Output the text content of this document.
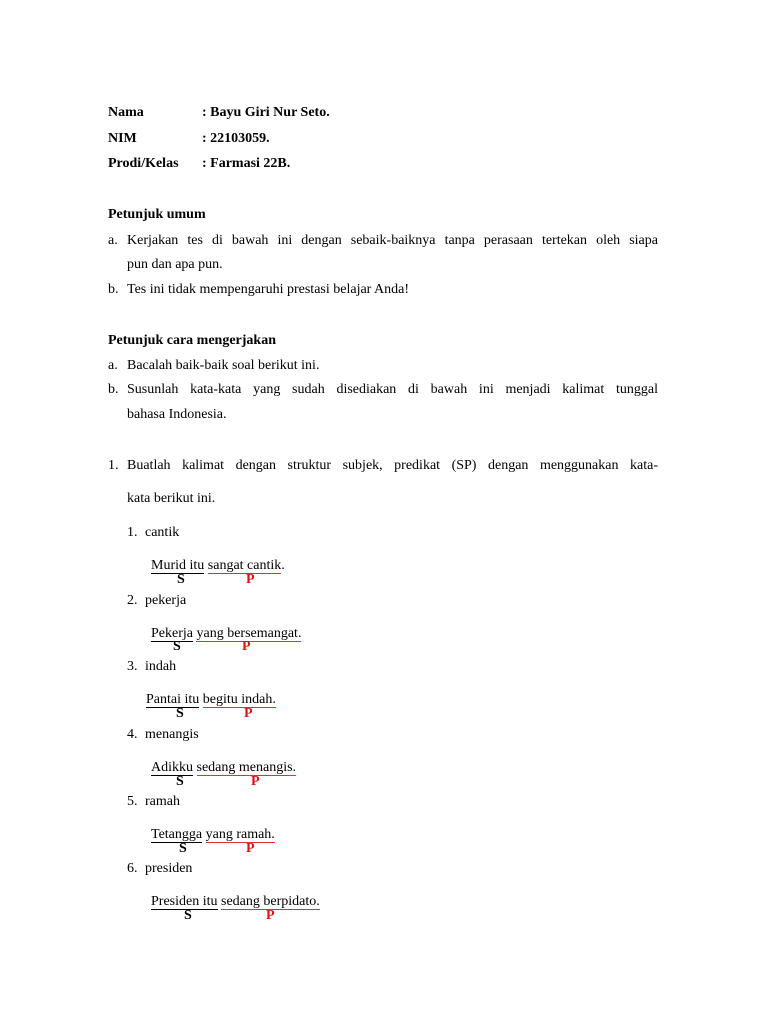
Nama	: Bayu Giri Nur Seto.
NIM	: 22103059.
Prodi/Kelas : Farmasi 22B.
Petunjuk umum
a. Kerjakan tes di bawah ini dengan sebaik-baiknya tanpa perasaan tertekan oleh siapa
pun dan apa pun.
b. Tes ini tidak mempengaruhi prestasi belajar Anda!
Petunjuk cara mengerjakan
a. Bacalah baik-baik soal berikut ini.
b. Susunlah kata-kata yang sudah disediakan di bawah ini menjadi kalimat tunggal
bahasa Indonesia.
1. Buatlah kalimat dengan struktur subjek, predikat (SP) dengan menggunakan kata-
kata berikut ini.
1. cantik
Murid itu sangat cantik.
S	P
2. pekerja
Pekerja yang bersemangat.
S	P
3. indah
Pantai itu begitu indah.
S	P
4. menangis
Adikku sedang menangis.
S	P
5. ramah
Tetangga yang ramah.
S	P
6. presiden
Presiden itu sedang berpidato.
S	P
